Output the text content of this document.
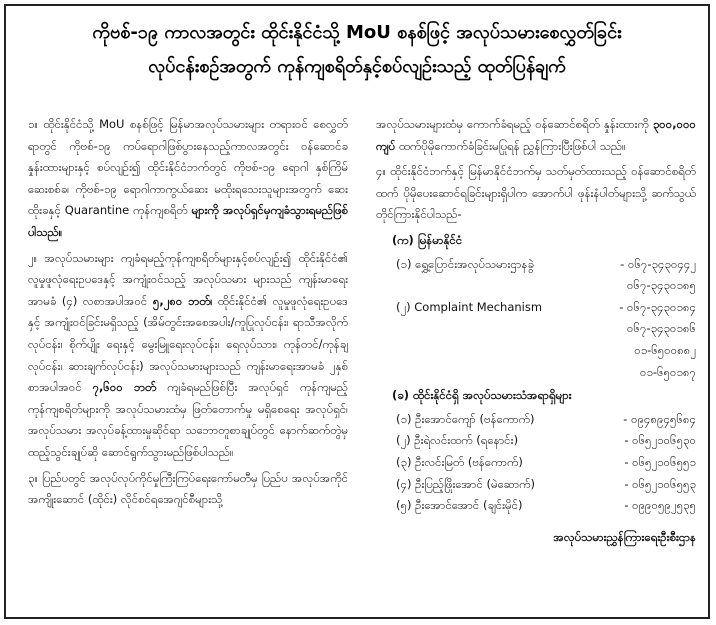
ကိုဗစ်-၁၉ ကာလအတွင်း ထိုင်းနိုင်ငံသို့ MoU စနစ်ဖြင့် အလုပ်သမားစေလွှတ်ခြင်း
လုပ်ငန်းစဉ်အတွက် ကုန်ကျစရိတ်နှင့်စပ်လျဉ်းသည့် ထုတ်ပြန်ချက်

၁။ ထိုင်းနိုင်ငံသို့ MoU စနစ်ဖြင့် မြန်မာအလုပ်သမားများ တရားဝင် စေလွှတ်ရာတွင် ကိုဗစ်-၁၉ ကပ်ရောဂါဖြစ်ပွားနေသည့်ကာလအတွင်း ဝန်ဆောင်ခနှုန်းထားများနှင့် စပ်လျဉ်း၍ ထိုင်းနိုင်ငံဘက်တွင် ကိုဗစ်-၁၉ ရောဂါ နှစ်ကြိမ်ဆေးစစ်ခ၊ ကိုဗစ်-၁၉ ရောဂါကာကွယ်ဆေး မထိုးရသေးသူများအတွက် ဆေးထိုးခနှင့် Quarantine ကုန်ကျစရိတ် များကို အလုပ်ရှင်မှကျခံသွားရမည်ဖြစ်ပါသည်။

၂။ အလုပ်သမားများ ကျခံရမည့်ကုန်ကျစရိတ်များနှင့်စပ်လျဉ်း၍ ထိုင်းနိုင်ငံ၏ လူမှုဖူလုံရေးဥပဒေနှင့် အကျုံးဝင်သည့် အလုပ်သမား များသည် ကျန်းမာရေးအာမခံ (၄) လစာအပါအဝင် ၅,၂၈၀ ဘတ်၊ ထိုင်းနိုင်ငံ၏ လူမှုဖူလုံရေးဥပဒေနှင့် အကျုံးဝင်ခြင်းမရှိသည့် (အိမ်တွင်းအစေအပါး/ကူပြုလုပ်ငန်း၊ ရာသီအလိုက်လုပ်ငန်း၊ စိုက်ပျိုး ရေးနှင့် မွေးမြူရေးလုပ်ငန်း၊ ရေလုပ်သား၊ ကုန်တင်/ကုန်ချလုပ်ငန်း၊ ဆားချက်လုပ်ငန်း) အလုပ်သမားများသည် ကျန်းမာရေးအာမခံ ၂နှစ် စာအပါအဝင် ၇,၆၀၀ ဘတ် ကျခံရမည်ဖြစ်ပြီး အလုပ်ရှင် ကုန်ကျမည့် ကုန်ကျစရိတ်များကို အလုပ်သမားထံမှ ဖြတ်တောက်မှု မရှိစေရေး အလုပ်ရှင်၊ အလုပ်သမား အလုပ်ခန့်ထားမှုဆိုင်ရာ သဘောတူစာချုပ်တွင် နောက်ဆက်တွဲမှ ထည့်သွင်းချုပ်ဆို ဆောင်ရွက်သွားမည်ဖြစ်ပါသည်။

၃။ ပြည်ပတွင် အလုပ်လုပ်ကိုင်မှုကြီးကြပ်ရေးကော်မတီမှ ပြည်ပ အလုပ်အကိုင်အကျိုးဆောင် (ထိုင်း) လိုင်စင်ရအေဂျင်စီများသို့

အလုပ်သမားများထံမှ ကောက်ခံရမည့် ဝန်ဆောင်စရိတ် နှုန်းထားကို ၃၀၀,၀၀၀ ကျပ် ထက်ပိုမိုကောက်ခံခြင်းမပြုရန် ညွှန်ကြားပြီးဖြစ်ပါ သည်။

၄။ ထိုင်းနိုင်ငံဘက်နှင့် မြန်မာနိုင်ငံဘက်မှ သတ်မှတ်ထားသည့် ဝန်ဆောင်စရိတ်ထက် ပိုမိုပေးဆောင်ရခြင်းများရှိပါက အောက်ပါ ဖုန်းနံပါတ်များသို့ ဆက်သွယ်တိုင်ကြားနိုင်ပါသည်-

(က) မြန်မာနိုင်ငံ
(၁) ရွှေ့ပြောင်းအလုပ်သမားဌာနခွဲ	- ၀၆၇-၃၄၃၀၄၄၂
၀၆၇-၃၄၃၀၁၈၅
(၂) Complaint Mechanism	- ၀၆၇-၃၄၃၀၁၈၄
၀၆၇-၃၄၃၀၁၈၆
၀၁-၆၅၀၀၈၈၂
၀၁-၆၅၀၁၈၇
(ခ) ထိုင်းနိုင်ငံရှိ အလုပ်သမားသံအရာရှိများ
(၁) ဦးအောင်ကျော် (ဗန်ကောက်)	- ၀၉၄၈၉၄၅၆၈၄
(၂) ဦးရဲလင်းထက် (ရနောင်း)	- ၀၆၅၂၁၀၆၅၃၀
(၃) ဦးလင်းမြတ် (ဗန်ကောက်)	- ၀၆၅၂၁၀၆၅၅၁
(၄) ဦးပြည့်ဖြိုးအောင် (မဲဆောက်)	- ၀၆၅၂၁၀၆၅၅၃
(၅) ဦးအောင်အောင် (ချင်းမိုင်)	- ၀၉၉၀၅၉၂၅၃၅
အလုပ်သမားညွှန်ကြားရေးဦးစီးဌာန
